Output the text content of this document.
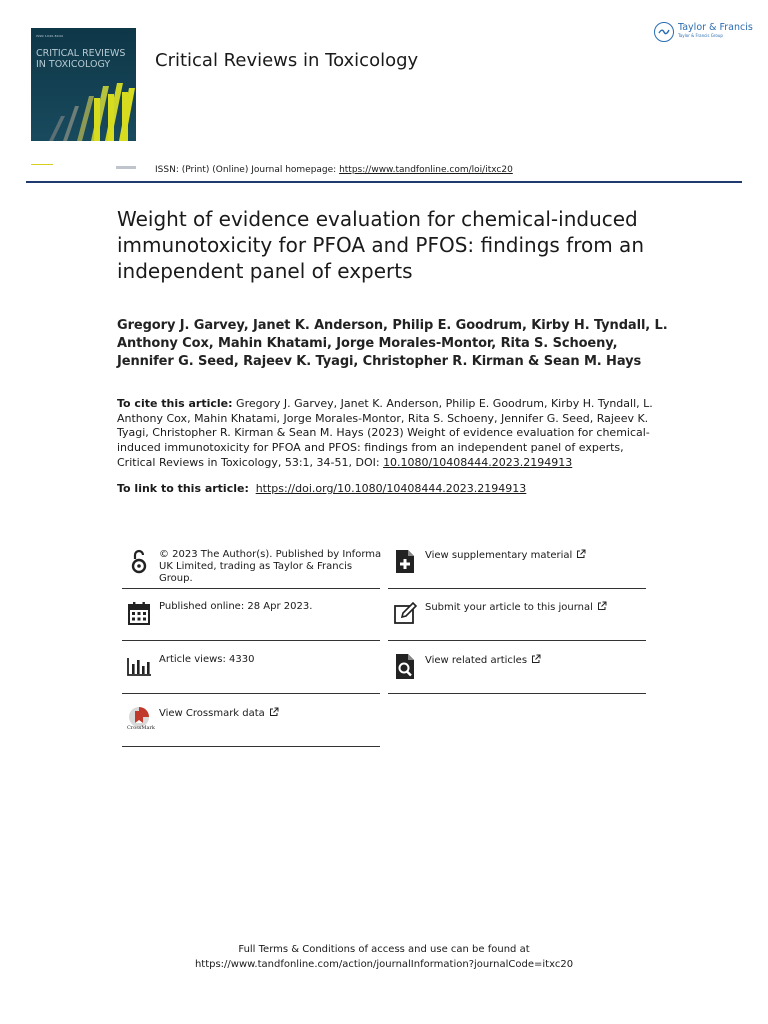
ISSN 1040-8444
CRITICAL REVIEWS
IN TOXICOLOGY	Critical Reviews in Toxicology
Taylor & Francis
Taylor & Francis Group
ISSN: (Print) (Online) Journal homepage: https://www.tandfonline.com/loi/itxc20
Weight of evidence evaluation for chemical-induced immunotoxicity for PFOA and PFOS: findings from an independent panel of experts
Gregory J. Garvey, Janet K. Anderson, Philip E. Goodrum, Kirby H. Tyndall, L. Anthony Cox, Mahin Khatami, Jorge Morales-Montor, Rita S. Schoeny, Jennifer G. Seed, Rajeev K. Tyagi, Christopher R. Kirman & Sean M. Hays
To cite this article: Gregory J. Garvey, Janet K. Anderson, Philip E. Goodrum, Kirby H. Tyndall, L. Anthony Cox, Mahin Khatami, Jorge Morales-Montor, Rita S. Schoeny, Jennifer G. Seed, Rajeev K. Tyagi, Christopher R. Kirman & Sean M. Hays (2023) Weight of evidence evaluation for chemical-induced immunotoxicity for PFOA and PFOS: findings from an independent panel of experts, Critical Reviews in Toxicology, 53:1, 34-51, DOI: 10.1080/10408444.2023.2194913
To link to this article: https://doi.org/10.1080/10408444.2023.2194913
© 2023 The Author(s). Published by Informa UK Limited, trading as Taylor & Francis Group.
Published online: 28 Apr 2023.
Article views: 4330
CrossMark
View Crossmark data
View supplementary material
Submit your article to this journal
View related articles
Full Terms & Conditions of access and use can be found at
https://www.tandfonline.com/action/journalInformation?journalCode=itxc20
